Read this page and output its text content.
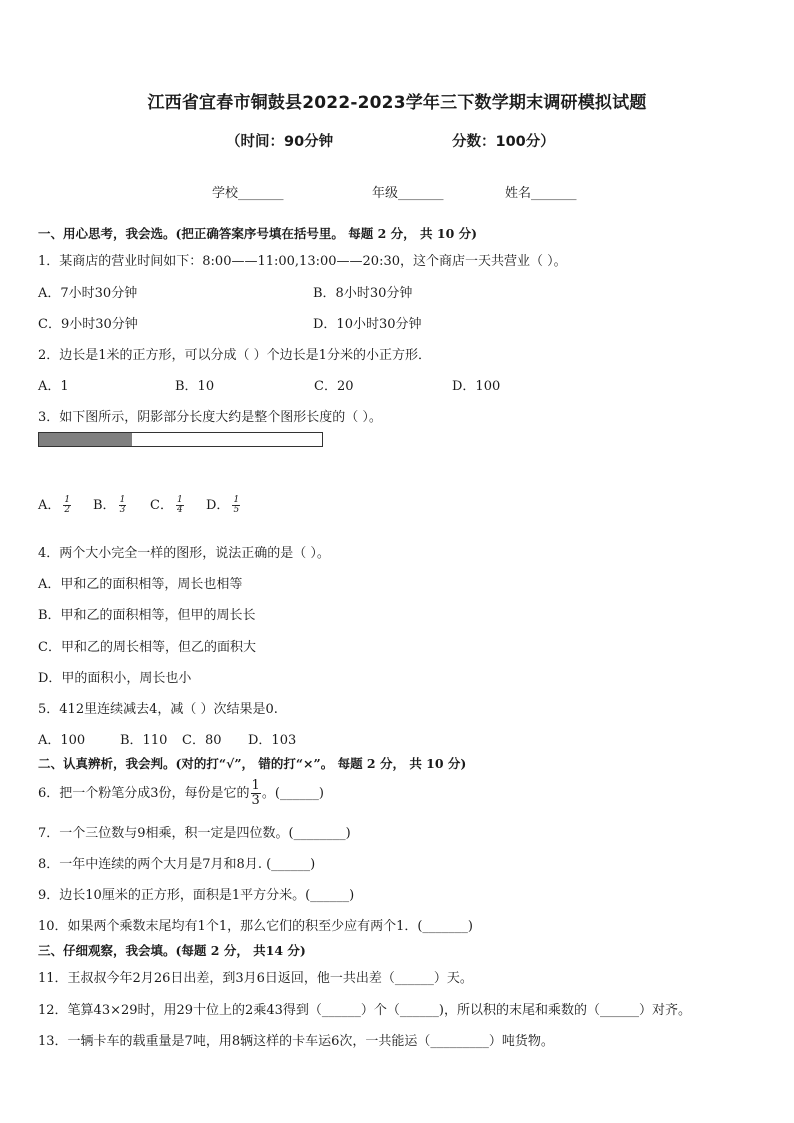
江西省宜春市铜鼓县2022-2023学年三下数学期末调研模拟试题
（时间：90分钟	分数：100分）
学校_______	年级_______	姓名_______
一、用心思考，我会选。(把正确答案序号填在括号里。 每题 2 分， 共 10 分)
1．某商店的营业时间如下：8:00——11:00,13:00——20:30，这个商店一天共营业（ ）。
A．7小时30分钟	B．8小时30分钟
C．9小时30分钟	D．10小时30分钟
2．边长是1米的正方形，可以分成（ ）个边长是1分米的小正方形．
A．1	B．10	C．20	D．100
3．如下图所示，阴影部分长度大约是整个图形长度的（ ）。
A． $\frac{1}{2}$ B． $\frac{1}{3}$ C． $\frac{1}{4}$ D． $\frac{1}{5}$
4．两个大小完全一样的图形，说法正确的是（ ）。
A．甲和乙的面积相等，周长也相等
B．甲和乙的面积相等，但甲的周长长
C．甲和乙的周长相等，但乙的面积大
D．甲的面积小，周长也小
5．412里连续减去4，减（ ）次结果是0.
A．100	B．110 C．80 D．103
二、认真辨析，我会判。(对的打“√”， 错的打“×”。 每题 2 分， 共 10 分)
6．把一个粉笔分成3份，每份是它的 $\frac{1}{3}$ 。(______)
7．一个三位数与9相乘，积一定是四位数。(________)
8．一年中连续的两个大月是7月和8月. (______)
9．边长10厘米的正方形，面积是1平方分米。(______)
10．如果两个乘数末尾均有1个1，那么它们的积至少应有两个1．(_______)
三、仔细观察，我会填。(每题 2 分， 共14 分)
11．王叔叔今年2月26日出差，到3月6日返回，他一共出差（______）天。
12．笔算43×29时，用29十位上的2乘43得到（______）个（______)，所以积的末尾和乘数的（______）对齐。
13．一辆卡车的载重量是7吨，用8辆这样的卡车运6次，一共能运（_________）吨货物。
